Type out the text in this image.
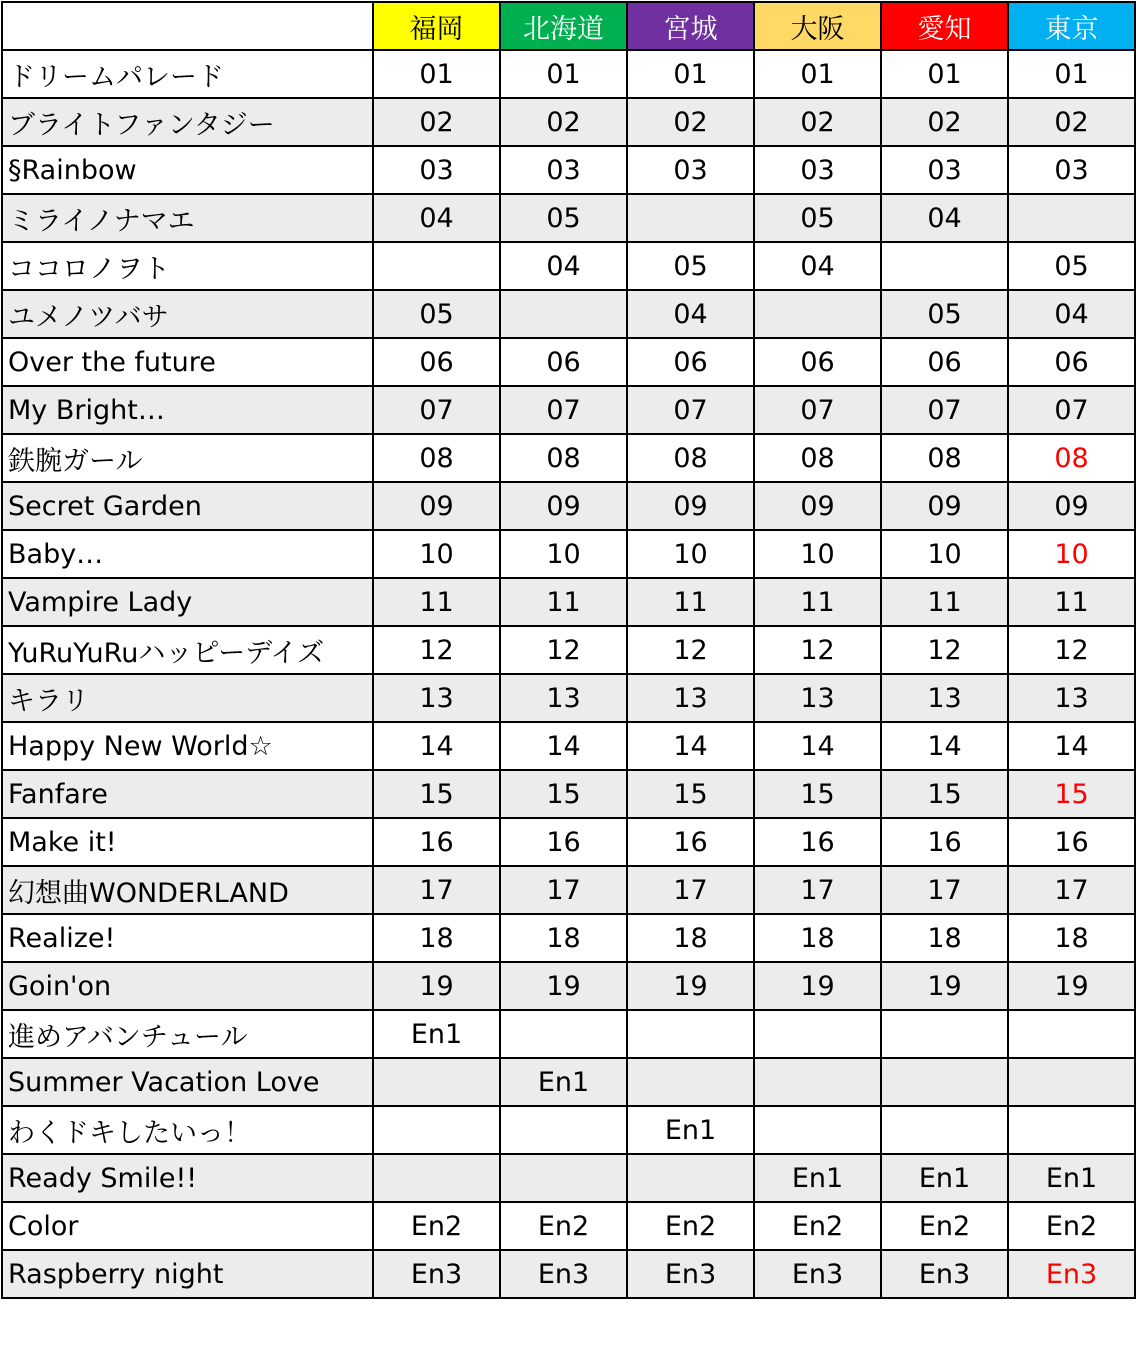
	福岡	北海道	宮城	大阪	愛知	東京
ドリームパレード	01	01	01	01	01	01
ブライトファンタジー	02	02	02	02	02	02
§Rainbow	03	03	03	03	03	03
ミライノナマエ	04	05		05	04	
ココロノヲト		04	05	04		05
ユメノツバサ	05		04		05	04
Over the future	06	06	06	06	06	06
My Bright…	07	07	07	07	07	07
鉄腕ガール	08	08	08	08	08	08
Secret Garden	09	09	09	09	09	09
Baby…	10	10	10	10	10	10
Vampire Lady	11	11	11	11	11	11
YuRuYuRuハッピーデイズ	12	12	12	12	12	12
キラリ	13	13	13	13	13	13
Happy New World☆	14	14	14	14	14	14
Fanfare	15	15	15	15	15	15
Make it!	16	16	16	16	16	16
幻想曲WONDERLAND	17	17	17	17	17	17
Realize!	18	18	18	18	18	18
Goin'on	19	19	19	19	19	19
進めアバンチュール	En1					
Summer Vacation Love		En1				
わくドキしたいっ！			En1			
Ready Smile!!				En1	En1	En1
Color	En2	En2	En2	En2	En2	En2
Raspberry night	En3	En3	En3	En3	En3	En3
